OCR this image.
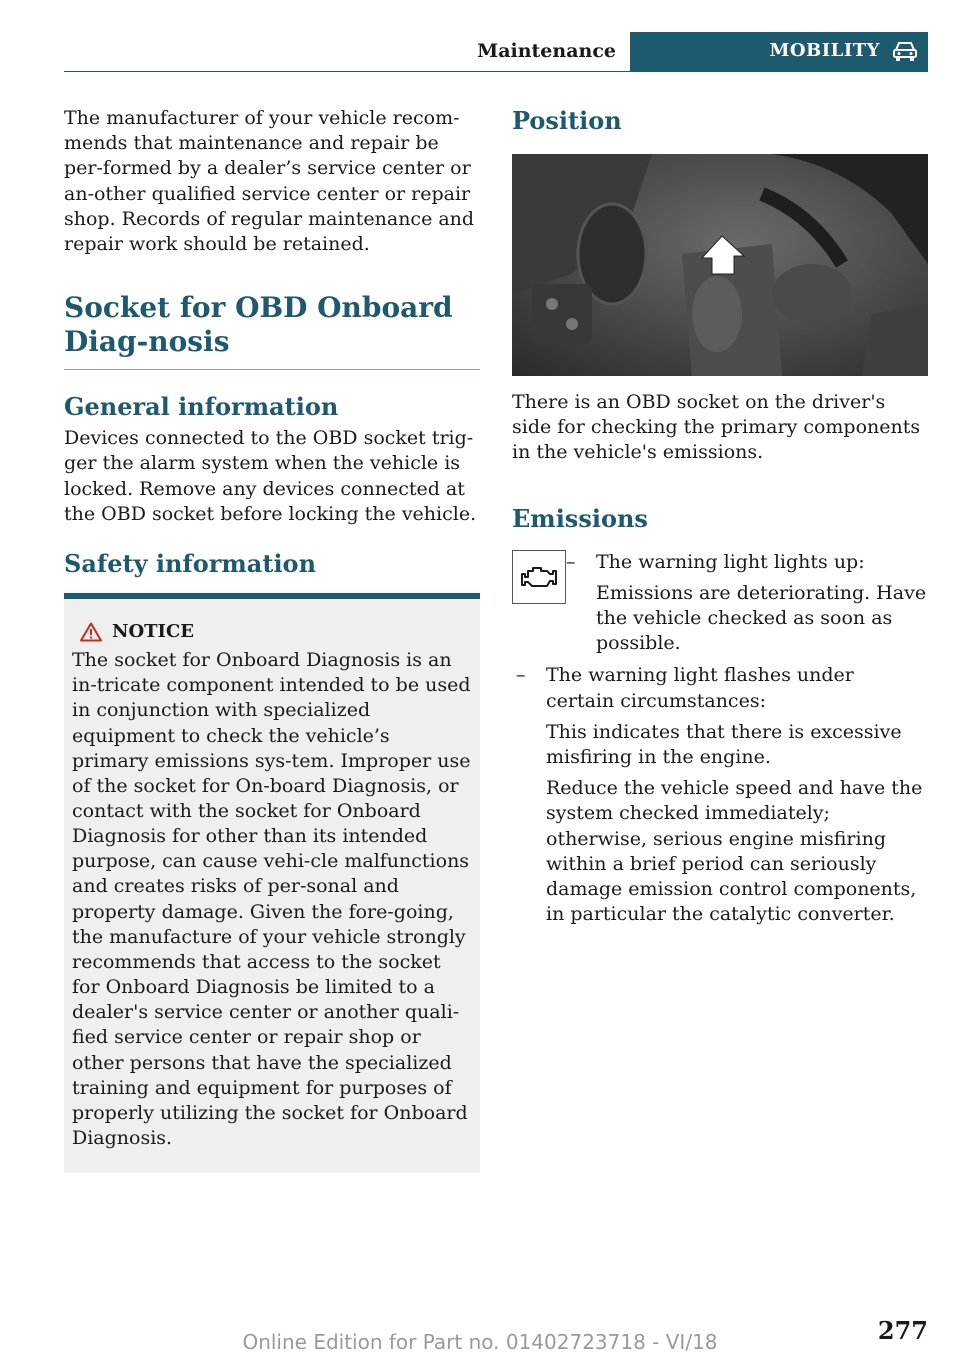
Maintenance	MOBILITY

The manufacturer of your vehicle recom-mends that maintenance and repair be per-formed by a dealer’s service center or an-other qualified service center or repair shop. Records of regular maintenance and repair work should be retained.

Socket for OBD Onboard Diag-nosis
General information

Devices connected to the OBD socket trig-ger the alarm system when the vehicle is locked. Remove any devices connected at the OBD socket before locking the vehicle.

Safety information
NOTICE

The socket for Onboard Diagnosis is an in-tricate component intended to be used in conjunction with specialized equipment to check the vehicle’s primary emissions sys-tem. Improper use of the socket for On-board Diagnosis, or contact with the socket for Onboard Diagnosis for other than its intended purpose, can cause vehi-cle malfunctions and creates risks of per-sonal and property damage. Given the fore-going, the manufacture of your vehicle strongly recommends that access to the socket for Onboard Diagnosis be limited to a dealer's service center or another quali-fied service center or repair shop or other persons that have the specialized training and equipment for purposes of properly utilizing the socket for Onboard Diagnosis.

Position

There is an OBD socket on the driver's side for checking the primary components in the vehicle's emissions.

Emissions
– The warning light lights up:

Emissions are deteriorating. Have the vehicle checked as soon as possible.

– The warning light flashes under certain circumstances:

This indicates that there is excessive misfiring in the engine.

Reduce the vehicle speed and have the system checked immediately; otherwise, serious engine misfiring within a brief period can seriously damage emission control components, in particular the catalytic converter.

277
Online Edition for Part no. 01402723718 - VI/18
